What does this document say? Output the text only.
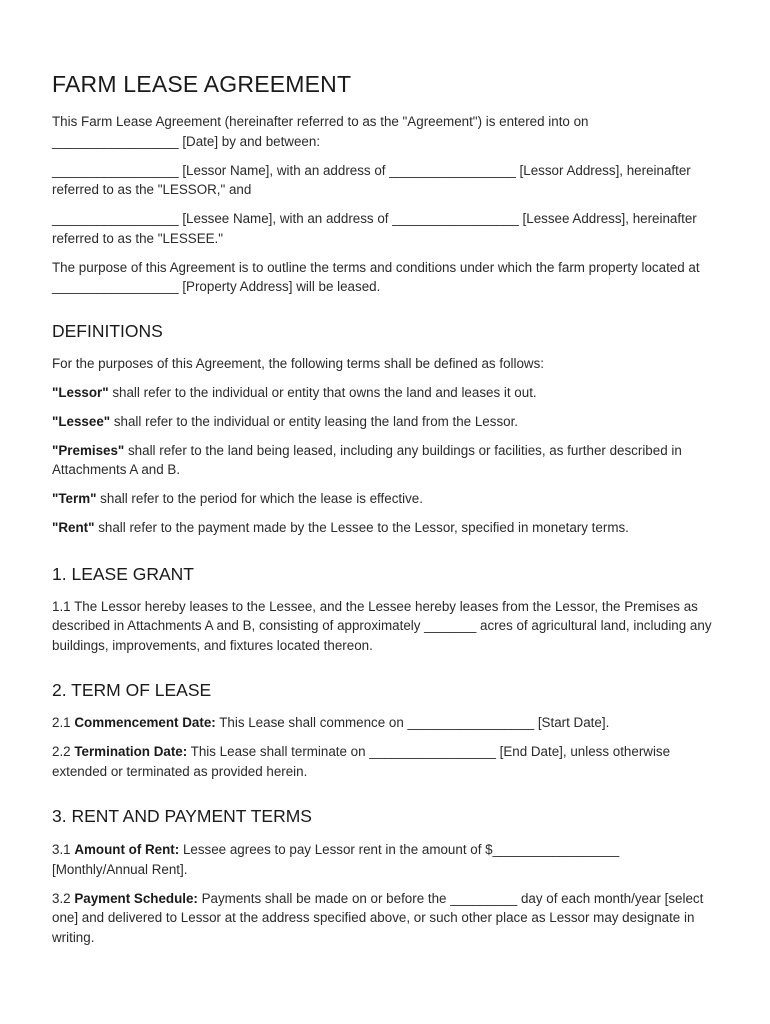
FARM LEASE AGREEMENT

This Farm Lease Agreement (hereinafter referred to as the "Agreement") is entered into on _________________ [Date] by and between:

_________________ [Lessor Name], with an address of _________________ [Lessor Address], hereinafter referred to as the "LESSOR," and

_________________ [Lessee Name], with an address of _________________ [Lessee Address], hereinafter referred to as the "LESSEE."

The purpose of this Agreement is to outline the terms and conditions under which the farm property located at _________________ [Property Address] will be leased.

DEFINITIONS

For the purposes of this Agreement, the following terms shall be defined as follows:

"Lessor" shall refer to the individual or entity that owns the land and leases it out.

"Lessee" shall refer to the individual or entity leasing the land from the Lessor.

"Premises" shall refer to the land being leased, including any buildings or facilities, as further described in Attachments A and B.

"Term" shall refer to the period for which the lease is effective.

"Rent" shall refer to the payment made by the Lessee to the Lessor, specified in monetary terms.

1. LEASE GRANT

1.1 The Lessor hereby leases to the Lessee, and the Lessee hereby leases from the Lessor, the Premises as described in Attachments A and B, consisting of approximately _______ acres of agricultural land, including any buildings, improvements, and fixtures located thereon.

2. TERM OF LEASE

2.1 Commencement Date: This Lease shall commence on _________________ [Start Date].

2.2 Termination Date: This Lease shall terminate on _________________ [End Date], unless otherwise extended or terminated as provided herein.

3. RENT AND PAYMENT TERMS

3.1 Amount of Rent: Lessee agrees to pay Lessor rent in the amount of $_________________ [Monthly/Annual Rent].

3.2 Payment Schedule: Payments shall be made on or before the _________ day of each month/year [select one] and delivered to Lessor at the address specified above, or such other place as Lessor may designate in writing.
